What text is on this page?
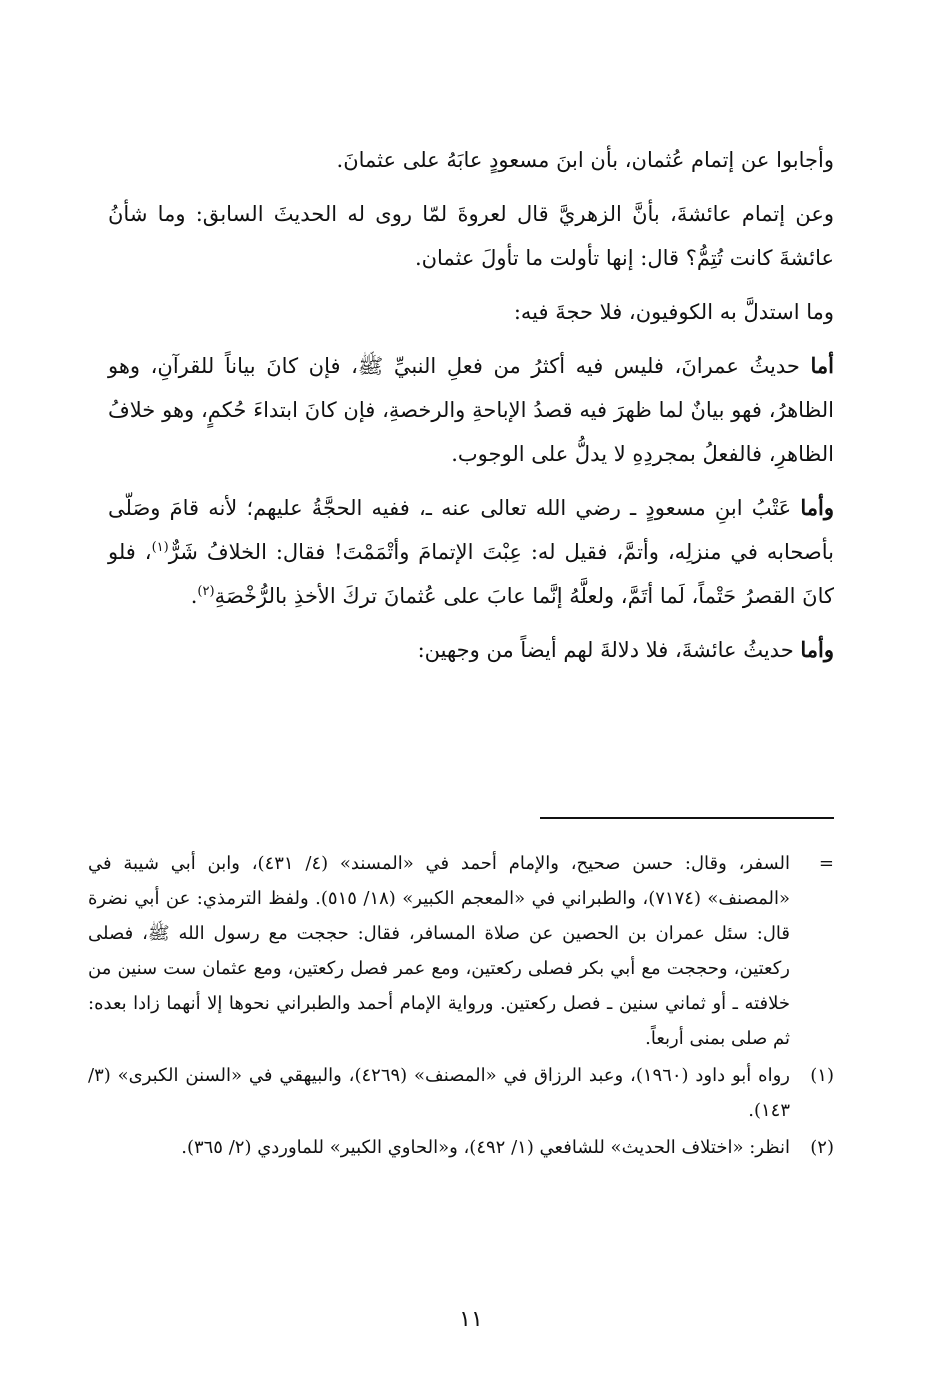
وأجابوا عن إتمام عُثمان، بأن ابنَ مسعودٍ عابَهُ على عثمانَ.

وعن إتمام عائشةَ، بأنَّ الزهريَّ قال لعروةَ لمّا روى له الحديثَ السابق: وما شأنُ عائشةَ كانت تُتِمُّ؟ قال: إنها تأولت ما تأولَ عثمان.

وما استدلَّ به الكوفيون، فلا حجةَ فيه:

أما حديثُ عمرانَ، فليس فيه أكثرُ من فعلِ النبيِّ ﷺ، فإن كانَ بياناً للقرآنِ، وهو الظاهرُ، فهو بيانٌ لما ظهرَ فيه قصدُ الإباحةِ والرخصةِ، فإن كانَ ابتداءَ حُكمٍ، وهو خلافُ الظاهرِ، فالفعلُ بمجردِهِ لا يدلُّ على الوجوب.

وأما عَتْبُ ابنِ مسعودٍ ـ رضي الله تعالى عنه ـ، ففيه الحجَّةُ عليهم؛ لأنه قامَ وصَلّى بأصحابه في منزلِه، وأتمَّ، فقيل له: عِبْتَ الإتمامَ وأتْمَمْتَ! فقال: الخلافُ شَرٌّ$^{(١)}$، فلو كانَ القصرُ حَتْماً، لَما أتَمَّ، ولعلَّهُ إنَّما عابَ على عُثمانَ تركَ الأخذِ بالرُّخْصَةِ$^{(٢)}$.

وأما حديثُ عائشةَ، فلا دلالةَ لهم أيضاً من وجهين:

=
السفر، وقال: حسن صحيح، والإمام أحمد في «المسند» (٤/ ٤٣١)، وابن أبي شيبة في «المصنف» (٧١٧٤)، والطبراني في «المعجم الكبير» (١٨/ ٥١٥). ولفظ الترمذي: عن أبي نضرة قال: سئل عمران بن الحصين عن صلاة المسافر، فقال: حججت مع رسول الله ﷺ، فصلى ركعتين، وحججت مع أبي بكر فصلى ركعتين، ومع عمر فصل ركعتين، ومع عثمان ست سنين من خلافته ـ أو ثماني سنين ـ فصل ركعتين. ورواية الإمام أحمد والطبراني نحوها إلا أنهما زادا بعده: ثم صلى بمنى أربعاً.
(١)
رواه أبو داود (١٩٦٠)، وعبد الرزاق في «المصنف» (٤٢٦٩)، والبيهقي في «السنن الكبرى» (٣/ ١٤٣).
(٢)
انظر: «اختلاف الحديث» للشافعي (١/ ٤٩٢)، و«الحاوي الكبير» للماوردي (٢/ ٣٦٥).
١١
